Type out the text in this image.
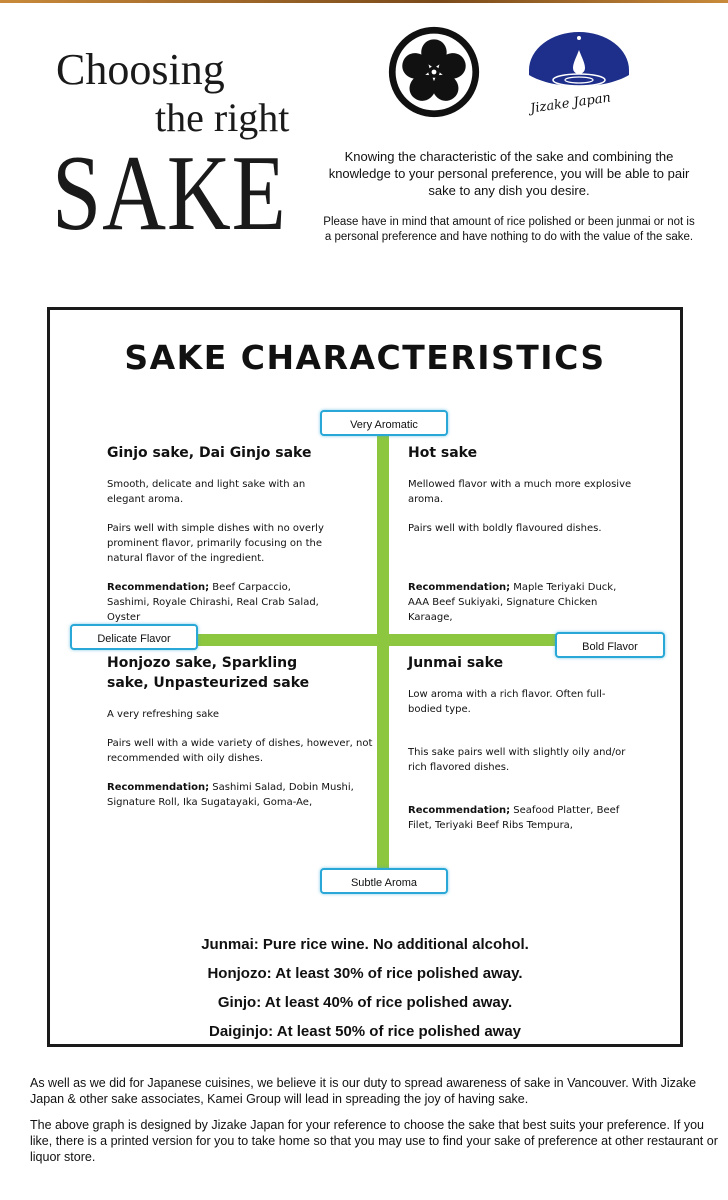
Choosing
the right
SAKE
Jizake Japan

Knowing the characteristic of the sake and combining the knowledge to your personal preference, you will be able to pair sake to any dish you desire.

Please have in mind that amount of rice polished or been junmai or not is a personal preference and have nothing to do with the value of the sake.

SAKE CHARACTERISTICS
Very Aromatic
Delicate Flavor
Bold Flavor
Subtle Aroma
Ginjo sake, Dai Ginjo sake

Smooth, delicate and light sake with an elegant aroma.

Pairs well with simple dishes with no overly prominent flavor, primarily focusing on the natural flavor of the ingredient.

Recommendation; Beef Carpaccio, Sashimi, Royale Chirashi, Real Crab Salad, Oyster

Hot sake

Mellowed flavor with a much more explosive aroma.

Pairs well with boldly flavoured dishes.

Recommendation; Maple Teriyaki Duck, AAA Beef Sukiyaki, Signature Chicken Karaage,

Honjozo sake, Sparkling sake, Unpasteurized sake

A very refreshing sake

Pairs well with a wide variety of dishes, however, not recommended with oily dishes.

Recommendation; Sashimi Salad, Dobin Mushi, Signature Roll, Ika Sugatayaki, Goma-Ae,

Junmai sake

Low aroma with a rich flavor. Often full-bodied type.

This sake pairs well with slightly oily and/or rich flavored dishes.

Recommendation; Seafood Platter, Beef Filet, Teriyaki Beef Ribs Tempura,

Junmai: Pure rice wine. No additional alcohol.
Honjozo: At least 30% of rice polished away.
Ginjo: At least 40% of rice polished away.
Daiginjo: At least 50% of rice polished away

As well as we did for Japanese cuisines, we believe it is our duty to spread awareness of sake in Vancouver. With Jizake Japan & other sake associates, Kamei Group will lead in spreading the joy of having sake.

The above graph is designed by Jizake Japan for your reference to choose the sake that best suits your preference. If you like, there is a printed version for you to take home so that you may use to find your sake of preference at other restaurant or liquor store.
